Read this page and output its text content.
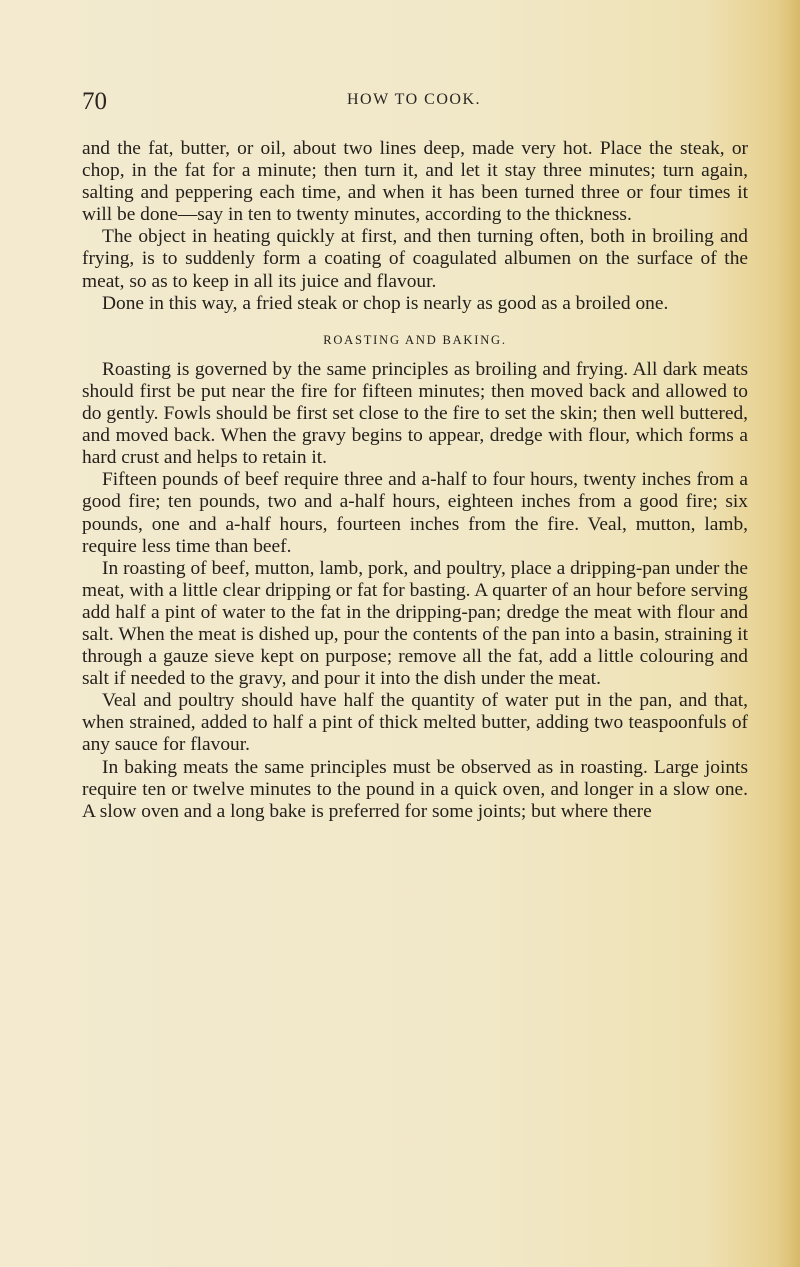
70	HOW TO COOK.

and the fat, butter, or oil, about two lines deep, made very hot. Place the steak, or chop, in the fat for a minute; then turn it, and let it stay three minutes; turn again, salting and peppering each time, and when it has been turned three or four times it will be done—say in ten to twenty minutes, according to the thickness.

The object in heating quickly at first, and then turning often, both in broiling and frying, is to suddenly form a coating of coagulated albumen on the surface of the meat, so as to keep in all its juice and flavour.

Done in this way, a fried steak or chop is nearly as good as a broiled one.

ROASTING AND BAKING.

Roasting is governed by the same principles as broiling and frying. All dark meats should first be put near the fire for fifteen minutes; then moved back and allowed to do gently. Fowls should be first set close to the fire to set the skin; then well buttered, and moved back. When the gravy begins to appear, dredge with flour, which forms a hard crust and helps to retain it.

Fifteen pounds of beef require three and a-half to four hours, twenty inches from a good fire; ten pounds, two and a-half hours, eighteen inches from a good fire; six pounds, one and a-half hours, fourteen inches from the fire. Veal, mutton, lamb, require less time than beef.

In roasting of beef, mutton, lamb, pork, and poultry, place a dripping-pan under the meat, with a little clear dripping or fat for basting. A quarter of an hour before serving add half a pint of water to the fat in the dripping-pan; dredge the meat with flour and salt. When the meat is dished up, pour the contents of the pan into a basin, straining it through a gauze sieve kept on purpose; remove all the fat, add a little colouring and salt if needed to the gravy, and pour it into the dish under the meat.

Veal and poultry should have half the quantity of water put in the pan, and that, when strained, added to half a pint of thick melted butter, adding two teaspoonfuls of any sauce for flavour.

In baking meats the same principles must be observed as in roasting. Large joints require ten or twelve minutes to the pound in a quick oven, and longer in a slow one. A slow oven and a long bake is preferred for some joints; but where there
